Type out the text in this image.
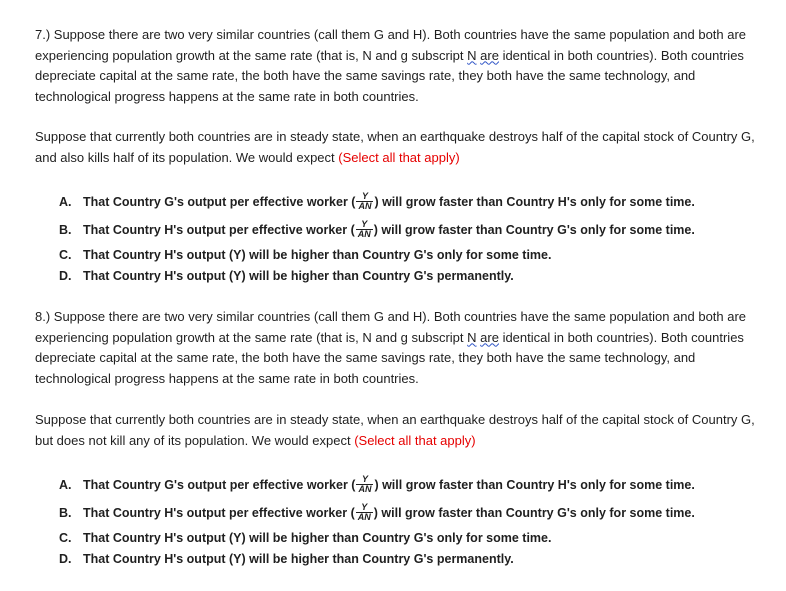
7.) Suppose there are two very similar countries (call them G and H). Both countries have the same population and both are experiencing population growth at the same rate (that is, N and g subscript N are identical in both countries). Both countries depreciate capital at the same rate, the both have the same savings rate, they both have the same technology, and technological progress happens at the same rate in both countries.

Suppose that currently both countries are in steady state, when an earthquake destroys half of the capital stock of Country G, and also kills half of its population. We would expect (Select all that apply)

A. That Country G's output per effective worker ( $\frac{Y}{AN}$ ) will grow faster than Country H's only for some time.
B. That Country H's output per effective worker ( $\frac{Y}{AN}$ ) will grow faster than Country G's only for some time.
C. That Country H's output (Y) will be higher than Country G's only for some time.
D. That Country H's output (Y) will be higher than Country G's permanently.

8.) Suppose there are two very similar countries (call them G and H). Both countries have the same population and both are experiencing population growth at the same rate (that is, N and g subscript N are identical in both countries). Both countries depreciate capital at the same rate, the both have the same savings rate, they both have the same technology, and technological progress happens at the same rate in both countries.

Suppose that currently both countries are in steady state, when an earthquake destroys half of the capital stock of Country G, but does not kill any of its population. We would expect (Select all that apply)

A. That Country G's output per effective worker ( $\frac{Y}{AN}$ ) will grow faster than Country H's only for some time.
B. That Country H's output per effective worker ( $\frac{Y}{AN}$ ) will grow faster than Country G's only for some time.
C. That Country H's output (Y) will be higher than Country G's only for some time.
D. That Country H's output (Y) will be higher than Country G's permanently.
